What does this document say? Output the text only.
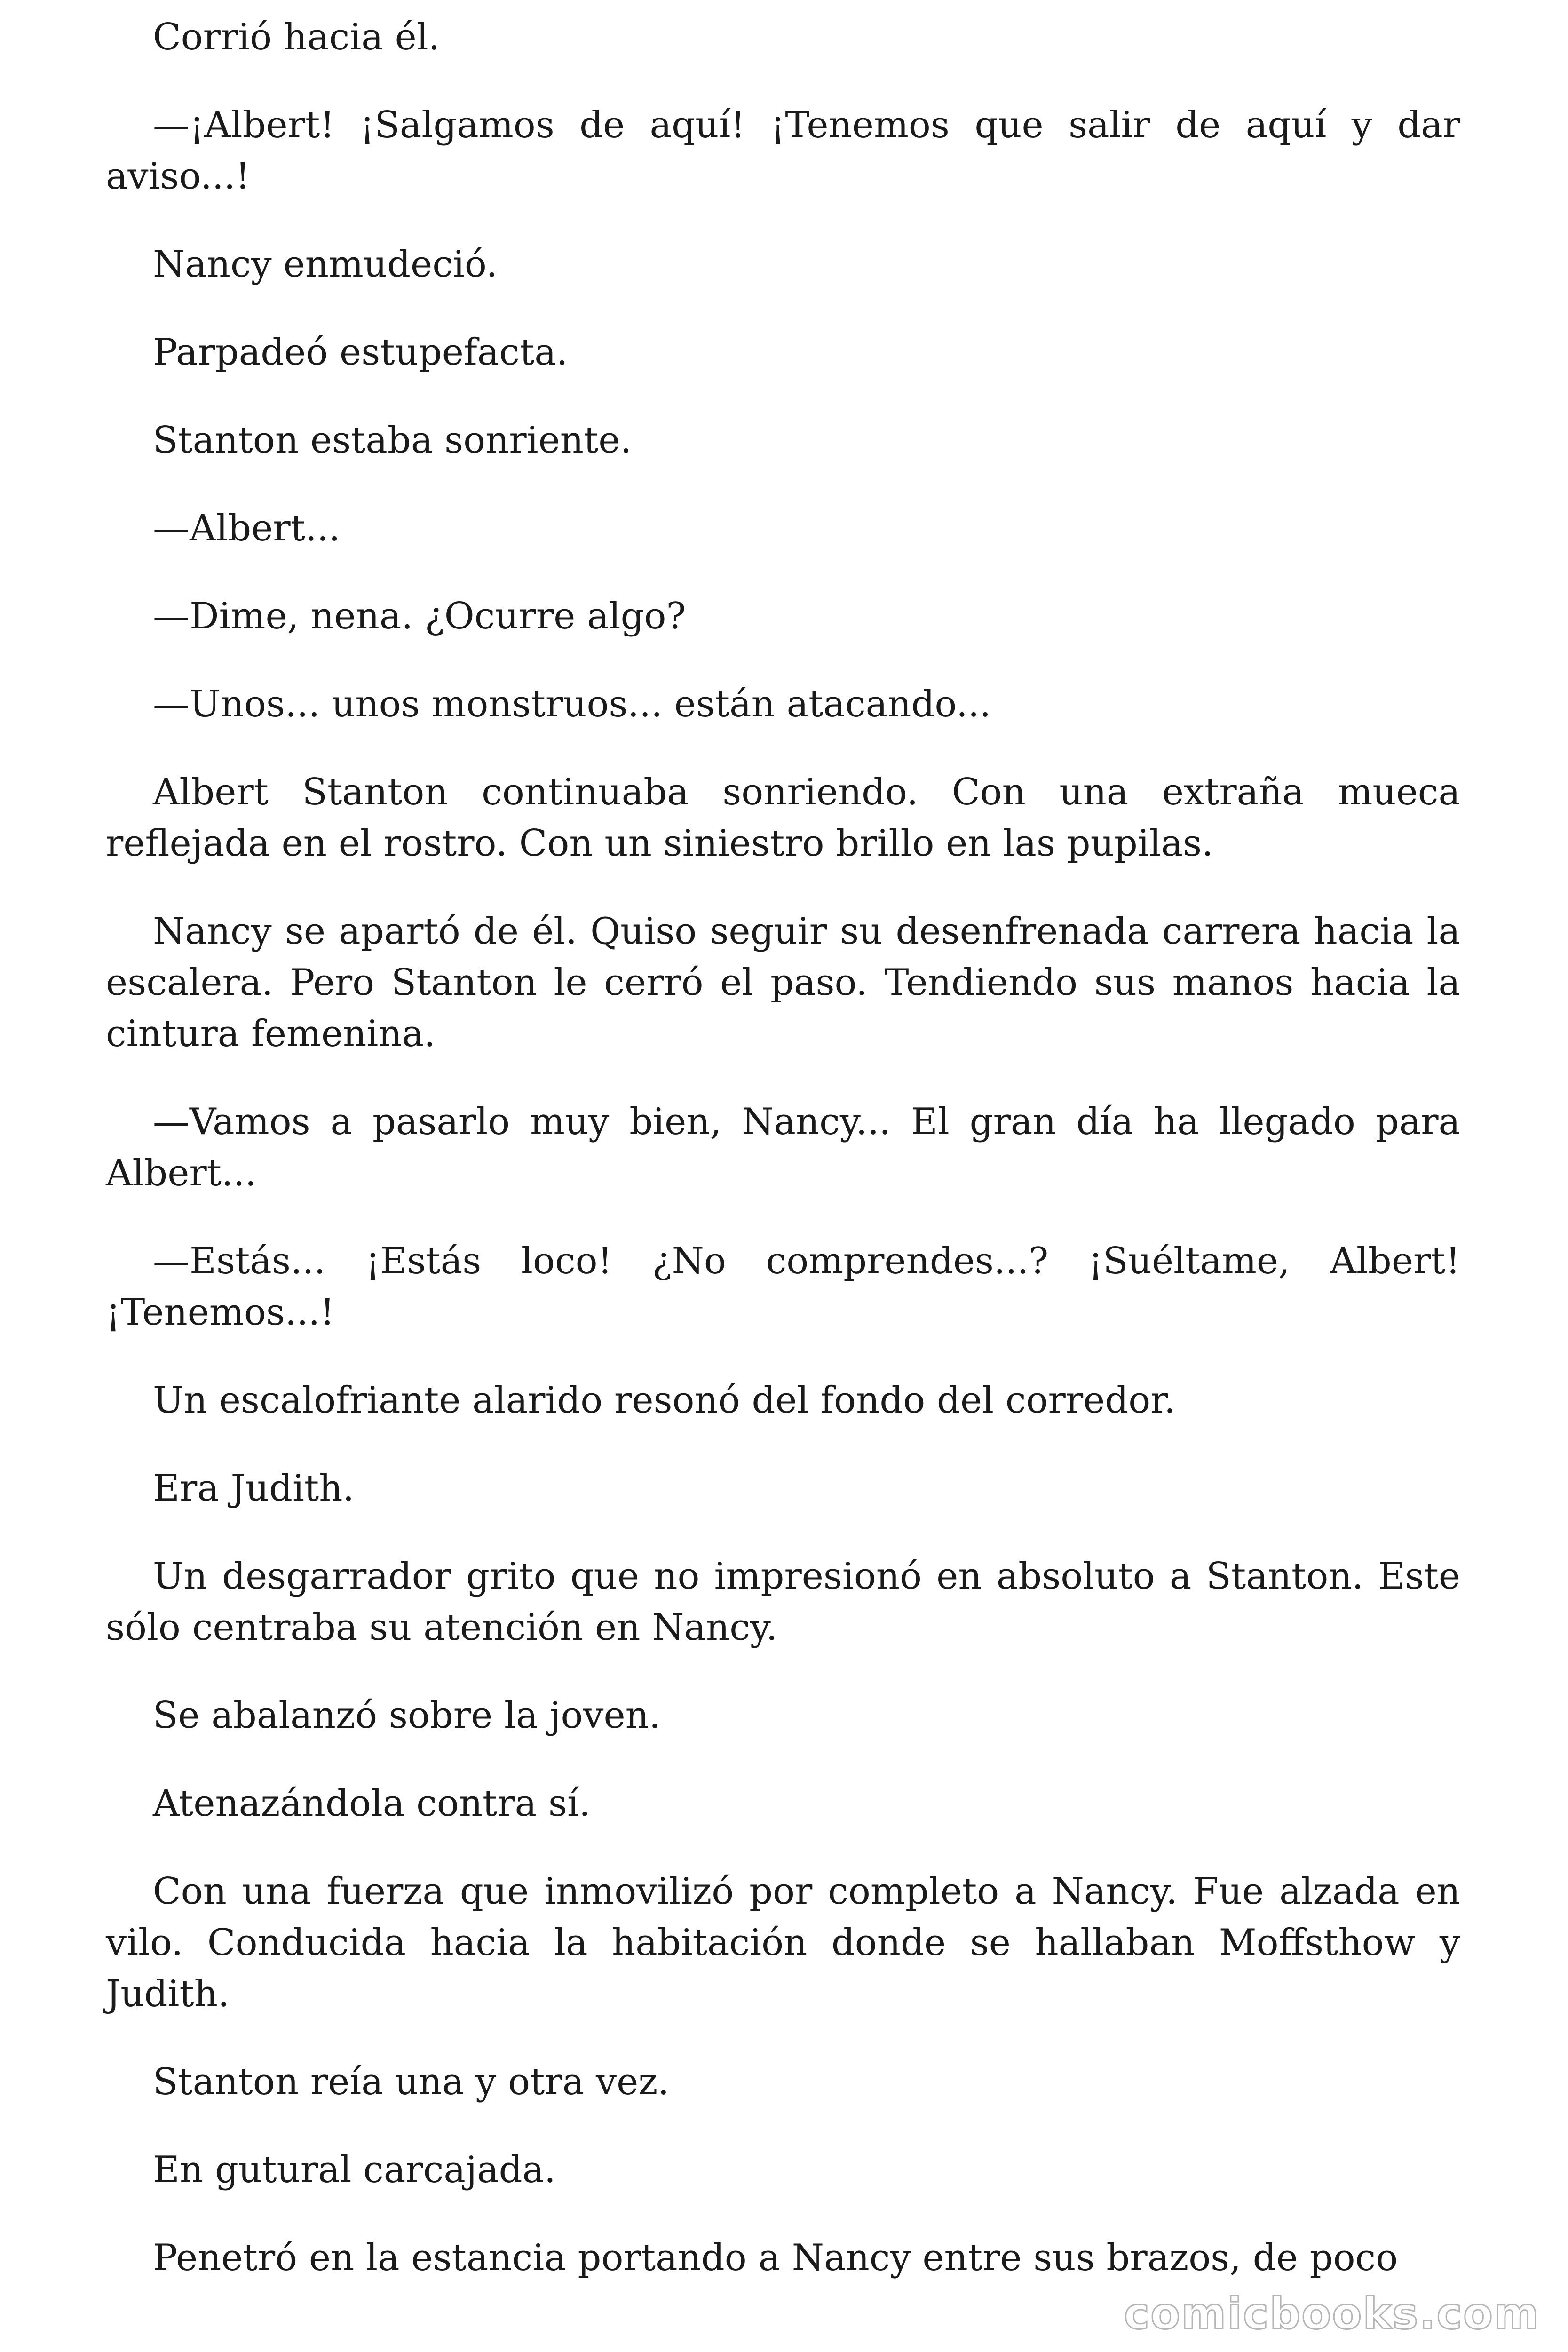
Corrió hacia él.

—¡Albert! ¡Salgamos de aquí! ¡Tenemos que salir de aquí y dar aviso...!

Nancy enmudeció.

Parpadeó estupefacta.

Stanton estaba sonriente.

—Albert...

—Dime, nena. ¿Ocurre algo?

—Unos... unos monstruos... están atacando...

Albert Stanton continuaba sonriendo. Con una extraña mueca reflejada en el rostro. Con un siniestro brillo en las pupilas.

Nancy se apartó de él. Quiso seguir su desenfrenada carrera hacia la escalera. Pero Stanton le cerró el paso. Tendiendo sus manos hacia la cintura femenina.

—Vamos a pasarlo muy bien, Nancy... El gran día ha llegado para Albert...

—Estás... ¡Estás loco! ¿No comprendes...? ¡Suéltame, Albert! ¡Tenemos...!

Un escalofriante alarido resonó del fondo del corredor.

Era Judith.

Un desgarrador grito que no impresionó en absoluto a Stanton. Este sólo centraba su atención en Nancy.

Se abalanzó sobre la joven.

Atenazándola contra sí.

Con una fuerza que inmovilizó por completo a Nancy. Fue alzada en vilo. Conducida hacia la habitación donde se hallaban Moffsthow y Judith.

Stanton reía una y otra vez.

En gutural carcajada.

Penetró en la estancia portando a Nancy entre sus brazos, de poco

comicbooks.com
